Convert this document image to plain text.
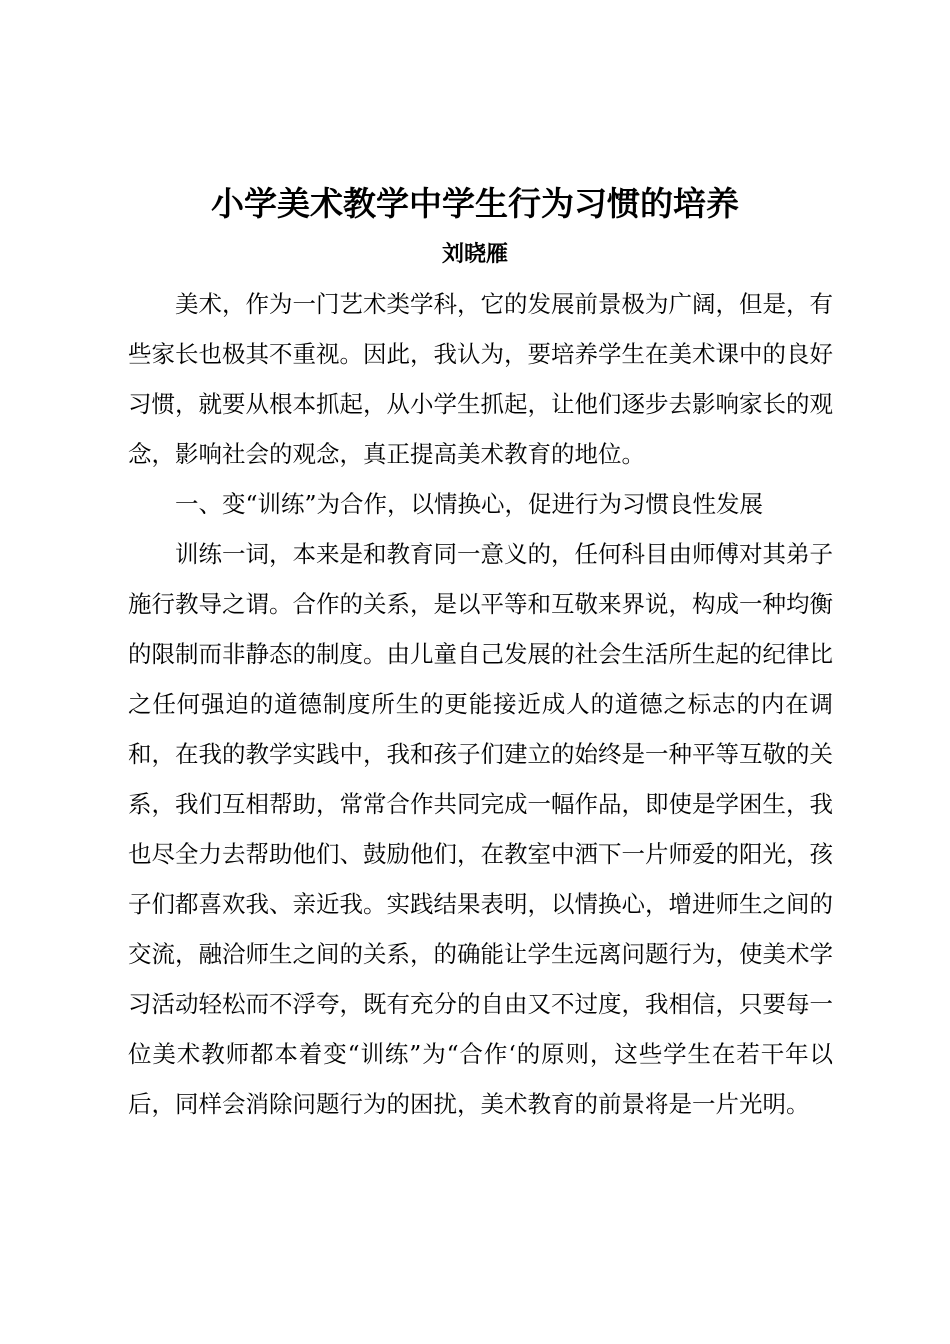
小学美术教学中学生行为习惯的培养
刘晓雁

美术，作为一门艺术类学科，它的发展前景极为广阔，但是，有些家长也极其不重视。因此，我认为，要培养学生在美术课中的良好习惯，就要从根本抓起，从小学生抓起，让他们逐步去影响家长的观念，影响社会的观念，真正提高美术教育的地位。

一、变“训练”为合作，以情换心，促进行为习惯良性发展

训练一词，本来是和教育同一意义的，任何科目由师傅对其弟子施行教导之谓。合作的关系，是以平等和互敬来界说，构成一种均衡的限制而非静态的制度。由儿童自己发展的社会生活所生起的纪律比之任何强迫的道德制度所生的更能接近成人的道德之标志的内在调和，在我的教学实践中，我和孩子们建立的始终是一种平等互敬的关系，我们互相帮助，常常合作共同完成一幅作品，即使是学困生，我也尽全力去帮助他们、鼓励他们，在教室中洒下一片师爱的阳光，孩子们都喜欢我、亲近我。实践结果表明，以情换心，增进师生之间的交流，融洽师生之间的关系，的确能让学生远离问题行为，使美术学习活动轻松而不浮夸，既有充分的自由又不过度，我相信，只要每一位美术教师都本着变“训练”为“合作‘的原则，这些学生在若干年以后，同样会消除问题行为的困扰，美术教育的前景将是一片光明。
